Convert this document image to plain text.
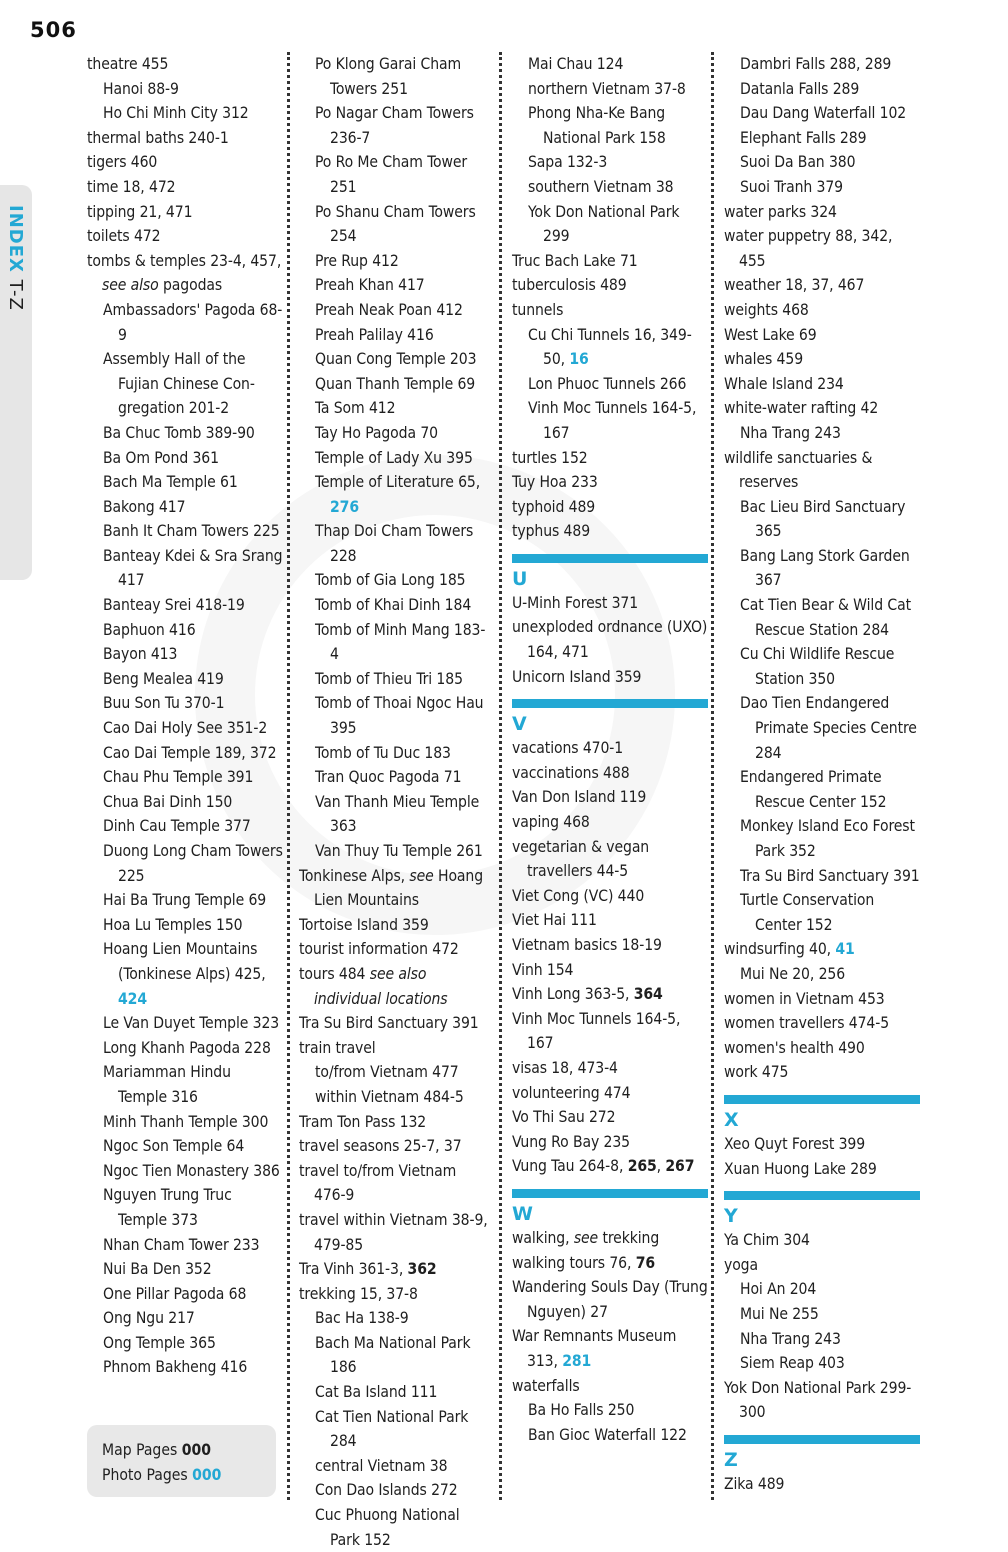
506
INDEX T-Z
theatre 455
Hanoi 88-9
Ho Chi Minh City 312
thermal baths 240-1
tigers 460
time 18, 472
tipping 21, 471
toilets 472
tombs & temples 23-4, 457, see also pagodas
Ambassadors' Pagoda 68-9
Assembly Hall of the Fujian Chinese Con-gregation 201-2
Ba Chuc Tomb 389-90
Ba Om Pond 361
Bach Ma Temple 61
Bakong 417
Banh It Cham Towers 225
Banteay Kdei & Sra Srang 417
Banteay Srei 418-19
Baphuon 416
Bayon 413
Beng Mealea 419
Buu Son Tu 370-1
Cao Dai Holy See 351-2
Cao Dai Temple 189, 372
Chau Phu Temple 391
Chua Bai Dinh 150
Dinh Cau Temple 377
Duong Long Cham Towers 225
Hai Ba Trung Temple 69
Hoa Lu Temples 150
Hoang Lien Mountains (Tonkinese Alps) 425, 424
Le Van Duyet Temple 323
Long Khanh Pagoda 228
Mariamman Hindu Temple 316
Minh Thanh Temple 300
Ngoc Son Temple 64
Ngoc Tien Monastery 386
Nguyen Trung Truc Temple 373
Nhan Cham Tower 233
Nui Ba Den 352
One Pillar Pagoda 68
Ong Ngu 217
Ong Temple 365
Phnom Bakheng 416
Po Klong Garai Cham Towers 251
Po Nagar Cham Towers 236-7
Po Ro Me Cham Tower 251
Po Shanu Cham Towers 254
Pre Rup 412
Preah Khan 417
Preah Neak Poan 412
Preah Palilay 416
Quan Cong Temple 203
Quan Thanh Temple 69
Ta Som 412
Tay Ho Pagoda 70
Temple of Lady Xu 395
Temple of Literature 65, 276
Thap Doi Cham Towers 228
Tomb of Gia Long 185
Tomb of Khai Dinh 184
Tomb of Minh Mang 183-4
Tomb of Thieu Tri 185
Tomb of Thoai Ngoc Hau 395
Tomb of Tu Duc 183
Tran Quoc Pagoda 71
Van Thanh Mieu Temple 363
Van Thuy Tu Temple 261
Tonkinese Alps, see Hoang Lien Mountains
Tortoise Island 359
tourist information 472
tours 484 see also individual locations
Tra Su Bird Sanctuary 391
train travel
to/from Vietnam 477
within Vietnam 484-5
Tram Ton Pass 132
travel seasons 25-7, 37
travel to/from Vietnam 476-9
travel within Vietnam 38-9, 479-85
Tra Vinh 361-3, 362
trekking 15, 37-8
Bac Ha 138-9
Bach Ma National Park 186
Cat Ba Island 111
Cat Tien National Park 284
central Vietnam 38
Con Dao Islands 272
Cuc Phuong National Park 152
Mai Chau 124
northern Vietnam 37-8
Phong Nha-Ke Bang National Park 158
Sapa 132-3
southern Vietnam 38
Yok Don National Park 299
Truc Bach Lake 71
tuberculosis 489
tunnels
Cu Chi Tunnels 16, 349-50, 16
Lon Phuoc Tunnels 266
Vinh Moc Tunnels 164-5, 167
turtles 152
Tuy Hoa 233
typhoid 489
typhus 489
U
U-Minh Forest 371
unexploded ordnance (UXO) 164, 471
Unicorn Island 359
V
vacations 470-1
vaccinations 488
Van Don Island 119
vaping 468
vegetarian & vegan travellers 44-5
Viet Cong (VC) 440
Viet Hai 111
Vietnam basics 18-19
Vinh 154
Vinh Long 363-5, 364
Vinh Moc Tunnels 164-5, 167
visas 18, 473-4
volunteering 474
Vo Thi Sau 272
Vung Ro Bay 235
Vung Tau 264-8, 265, 267
W
walking, see trekking
walking tours 76, 76
Wandering Souls Day (Trung Nguyen) 27
War Remnants Museum 313, 281
waterfalls
Ba Ho Falls 250
Ban Gioc Waterfall 122
Dambri Falls 288, 289
Datanla Falls 289
Dau Dang Waterfall 102
Elephant Falls 289
Suoi Da Ban 380
Suoi Tranh 379
water parks 324
water puppetry 88, 342, 455
weather 18, 37, 467
weights 468
West Lake 69
whales 459
Whale Island 234
white-water rafting 42
Nha Trang 243
wildlife sanctuaries & reserves
Bac Lieu Bird Sanctuary 365
Bang Lang Stork Garden 367
Cat Tien Bear & Wild Cat Rescue Station 284
Cu Chi Wildlife Rescue Station 350
Dao Tien Endangered Primate Species Centre 284
Endangered Primate Rescue Center 152
Monkey Island Eco Forest Park 352
Tra Su Bird Sanctuary 391
Turtle Conservation Center 152
windsurfing 40, 41
Mui Ne 20, 256
women in Vietnam 453
women travellers 474-5
women's health 490
work 475
X
Xeo Quyt Forest 399
Xuan Huong Lake 289
Y
Ya Chim 304
yoga
Hoi An 204
Mui Ne 255
Nha Trang 243
Siem Reap 403
Yok Don National Park 299-300
Z
Zika 489
Map Pages 000
Photo Pages 000
